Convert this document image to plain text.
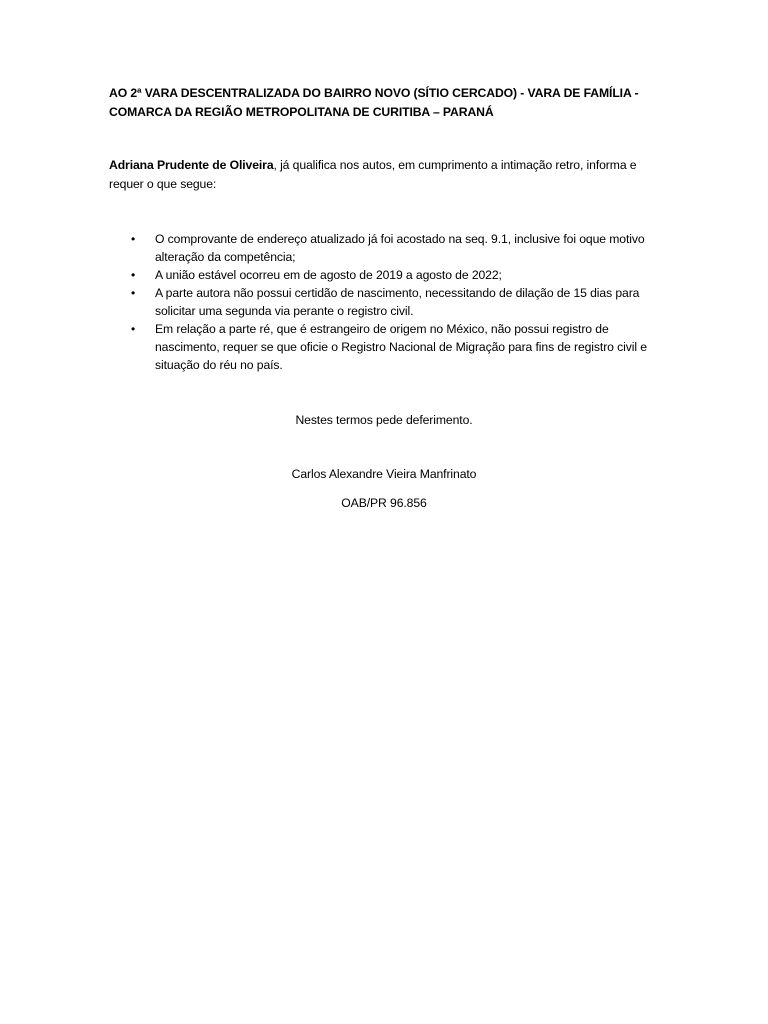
AO 2ª VARA DESCENTRALIZADA DO BAIRRO NOVO (SÍTIO CERCADO) - VARA DE FAMÍLIA - COMARCA DA REGIÃO METROPOLITANA DE CURITIBA – PARANÁ
Adriana Prudente de Oliveira, já qualifica nos autos, em cumprimento a intimação retro, informa e requer o que segue:
• O comprovante de endereço atualizado já foi acostado na seq. 9.1, inclusive foi oque motivo alteração da competência;
• A união estável ocorreu em de agosto de 2019 a agosto de 2022;
• A parte autora não possui certidão de nascimento, necessitando de dilação de 15 dias para solicitar uma segunda via perante o registro civil.
• Em relação a parte ré, que é estrangeiro de origem no México, não possui registro de nascimento, requer se que oficie o Registro Nacional de Migração para fins de registro civil e situação do réu no país.
Nestes termos pede deferimento.
Carlos Alexandre Vieira Manfrinato
OAB/PR 96.856
